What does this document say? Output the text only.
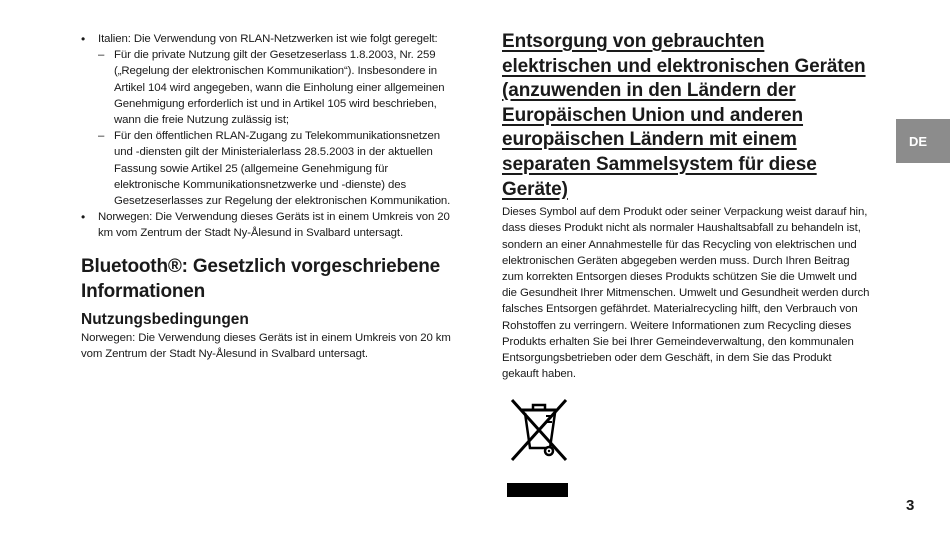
• Italien: Die Verwendung von RLAN-Netzwerken ist wie folgt geregelt:
– Für die private Nutzung gilt der Gesetzeserlass 1.8.2003, Nr. 259 („Regelung der elektronischen Kommunikation“). Insbesondere in Artikel 104 wird angegeben, wann die Einholung einer allgemeinen Genehmigung erforderlich ist und in Artikel 105 wird beschrieben, wann die freie Nutzung zulässig ist;
– Für den öffentlichen RLAN-Zugang zu Telekommunikationsnetzen und -diensten gilt der Ministerialerlass 28.5.2003 in der aktuellen Fassung sowie Artikel 25 (allgemeine Genehmigung für elektronische Kommunikationsnetzwerke und -dienste) des Gesetzeserlasses zur Regelung der elektronischen Kommunikation.
• Norwegen: Die Verwendung dieses Geräts ist in einem Umkreis von 20 km vom Zentrum der Stadt Ny-Ålesund in Svalbard untersagt.
Bluetooth®: Gesetzlich vorgeschriebene Informationen
Nutzungsbedingungen

Norwegen: Die Verwendung dieses Geräts ist in einem Umkreis von 20 km vom Zentrum der Stadt Ny-Ålesund in Svalbard untersagt.

Entsorgung von gebrauchten elektrischen und elektronischen Geräten (anzuwenden in den Ländern der Europäischen Union und anderen europäischen Ländern mit einem separaten Sammelsystem für diese Geräte)

Dieses Symbol auf dem Produkt oder seiner Verpackung weist darauf hin, dass dieses Produkt nicht als normaler Haushaltsabfall zu behandeln ist, sondern an einer Annahmestelle für das Recycling von elektrischen und elektronischen Geräten abgegeben werden muss. Durch Ihren Beitrag zum korrekten Entsorgen dieses Produkts schützen Sie die Umwelt und die Gesundheit Ihrer Mitmenschen. Umwelt und Gesundheit werden durch falsches Entsorgen gefährdet. Materialrecycling hilft, den Verbrauch von Rohstoffen zu verringern. Weitere Informationen zum Recycling dieses Produkts erhalten Sie bei Ihrer Gemeindeverwaltung, den kommunalen Entsorgungsbetrieben oder dem Geschäft, in dem Sie das Produkt gekauft haben.

DE
3
